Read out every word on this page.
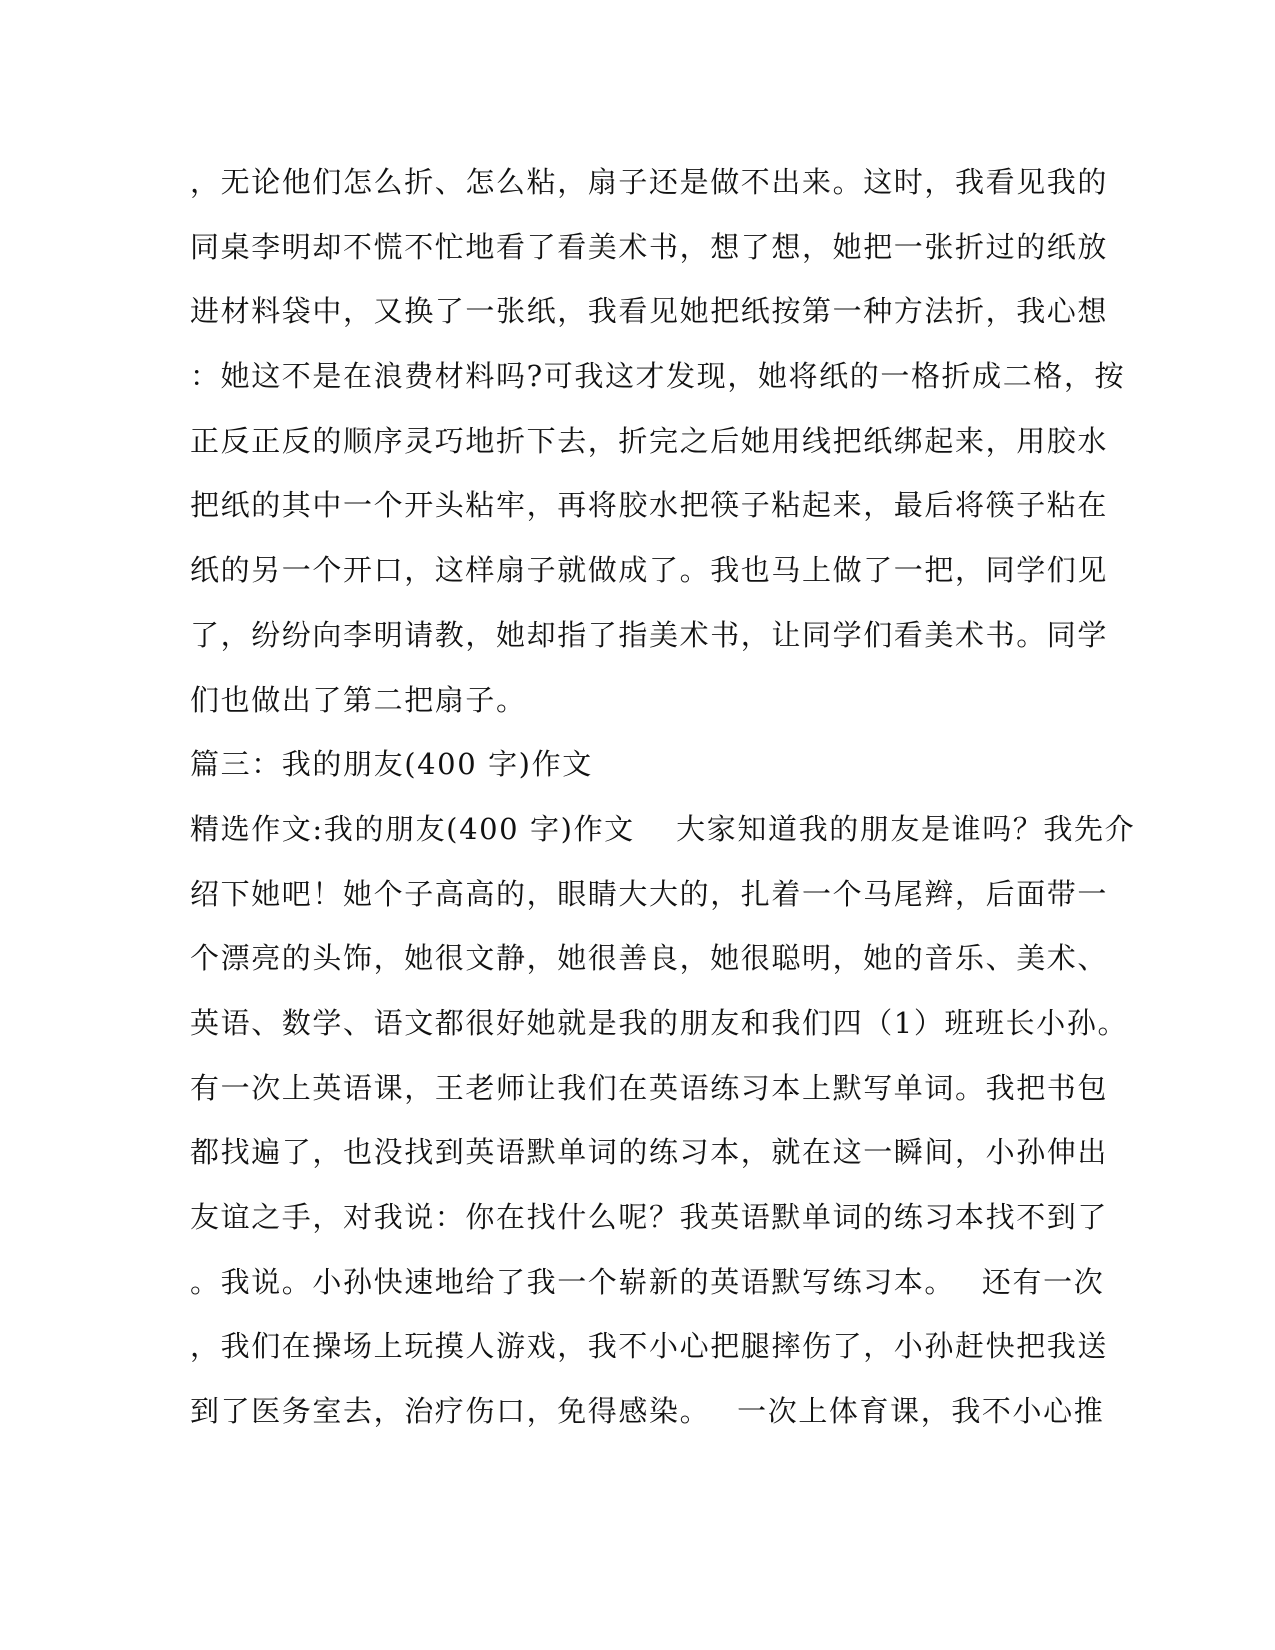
，无论他们怎么折、怎么粘，扇子还是做不出来。这时，我看见我的
同桌李明却不慌不忙地看了看美术书，想了想，她把一张折过的纸放
进材料袋中，又换了一张纸，我看见她把纸按第一种方法折，我心想
：她这不是在浪费材料吗?可我这才发现，她将纸的一格折成二格，按
正反正反的顺序灵巧地折下去，折完之后她用线把纸绑起来，用胶水
把纸的其中一个开头粘牢，再将胶水把筷子粘起来，最后将筷子粘在
纸的另一个开口，这样扇子就做成了。我也马上做了一把，同学们见
了，纷纷向李明请教，她却指了指美术书，让同学们看美术书。同学
们也做出了第二把扇子。
篇三：我的朋友(400 字)作文
精选作文:我的朋友(400 字)作文　 大家知道我的朋友是谁吗？我先介
绍下她吧！她个子高高的，眼睛大大的，扎着一个马尾辫，后面带一
个漂亮的头饰，她很文静，她很善良，她很聪明，她的音乐、美术、
英语、数学、语文都很好她就是我的朋友和我们四（1）班班长小孙。
有一次上英语课，王老师让我们在英语练习本上默写单词。我把书包
都找遍了，也没找到英语默单词的练习本，就在这一瞬间，小孙伸出
友谊之手，对我说：你在找什么呢？我英语默单词的练习本找不到了
。我说。小孙快速地给了我一个崭新的英语默写练习本。　 还有一次
，我们在操场上玩摸人游戏，我不小心把腿摔伤了，小孙赶快把我送
到了医务室去，治疗伤口，免得感染。　 一次上体育课，我不小心推
